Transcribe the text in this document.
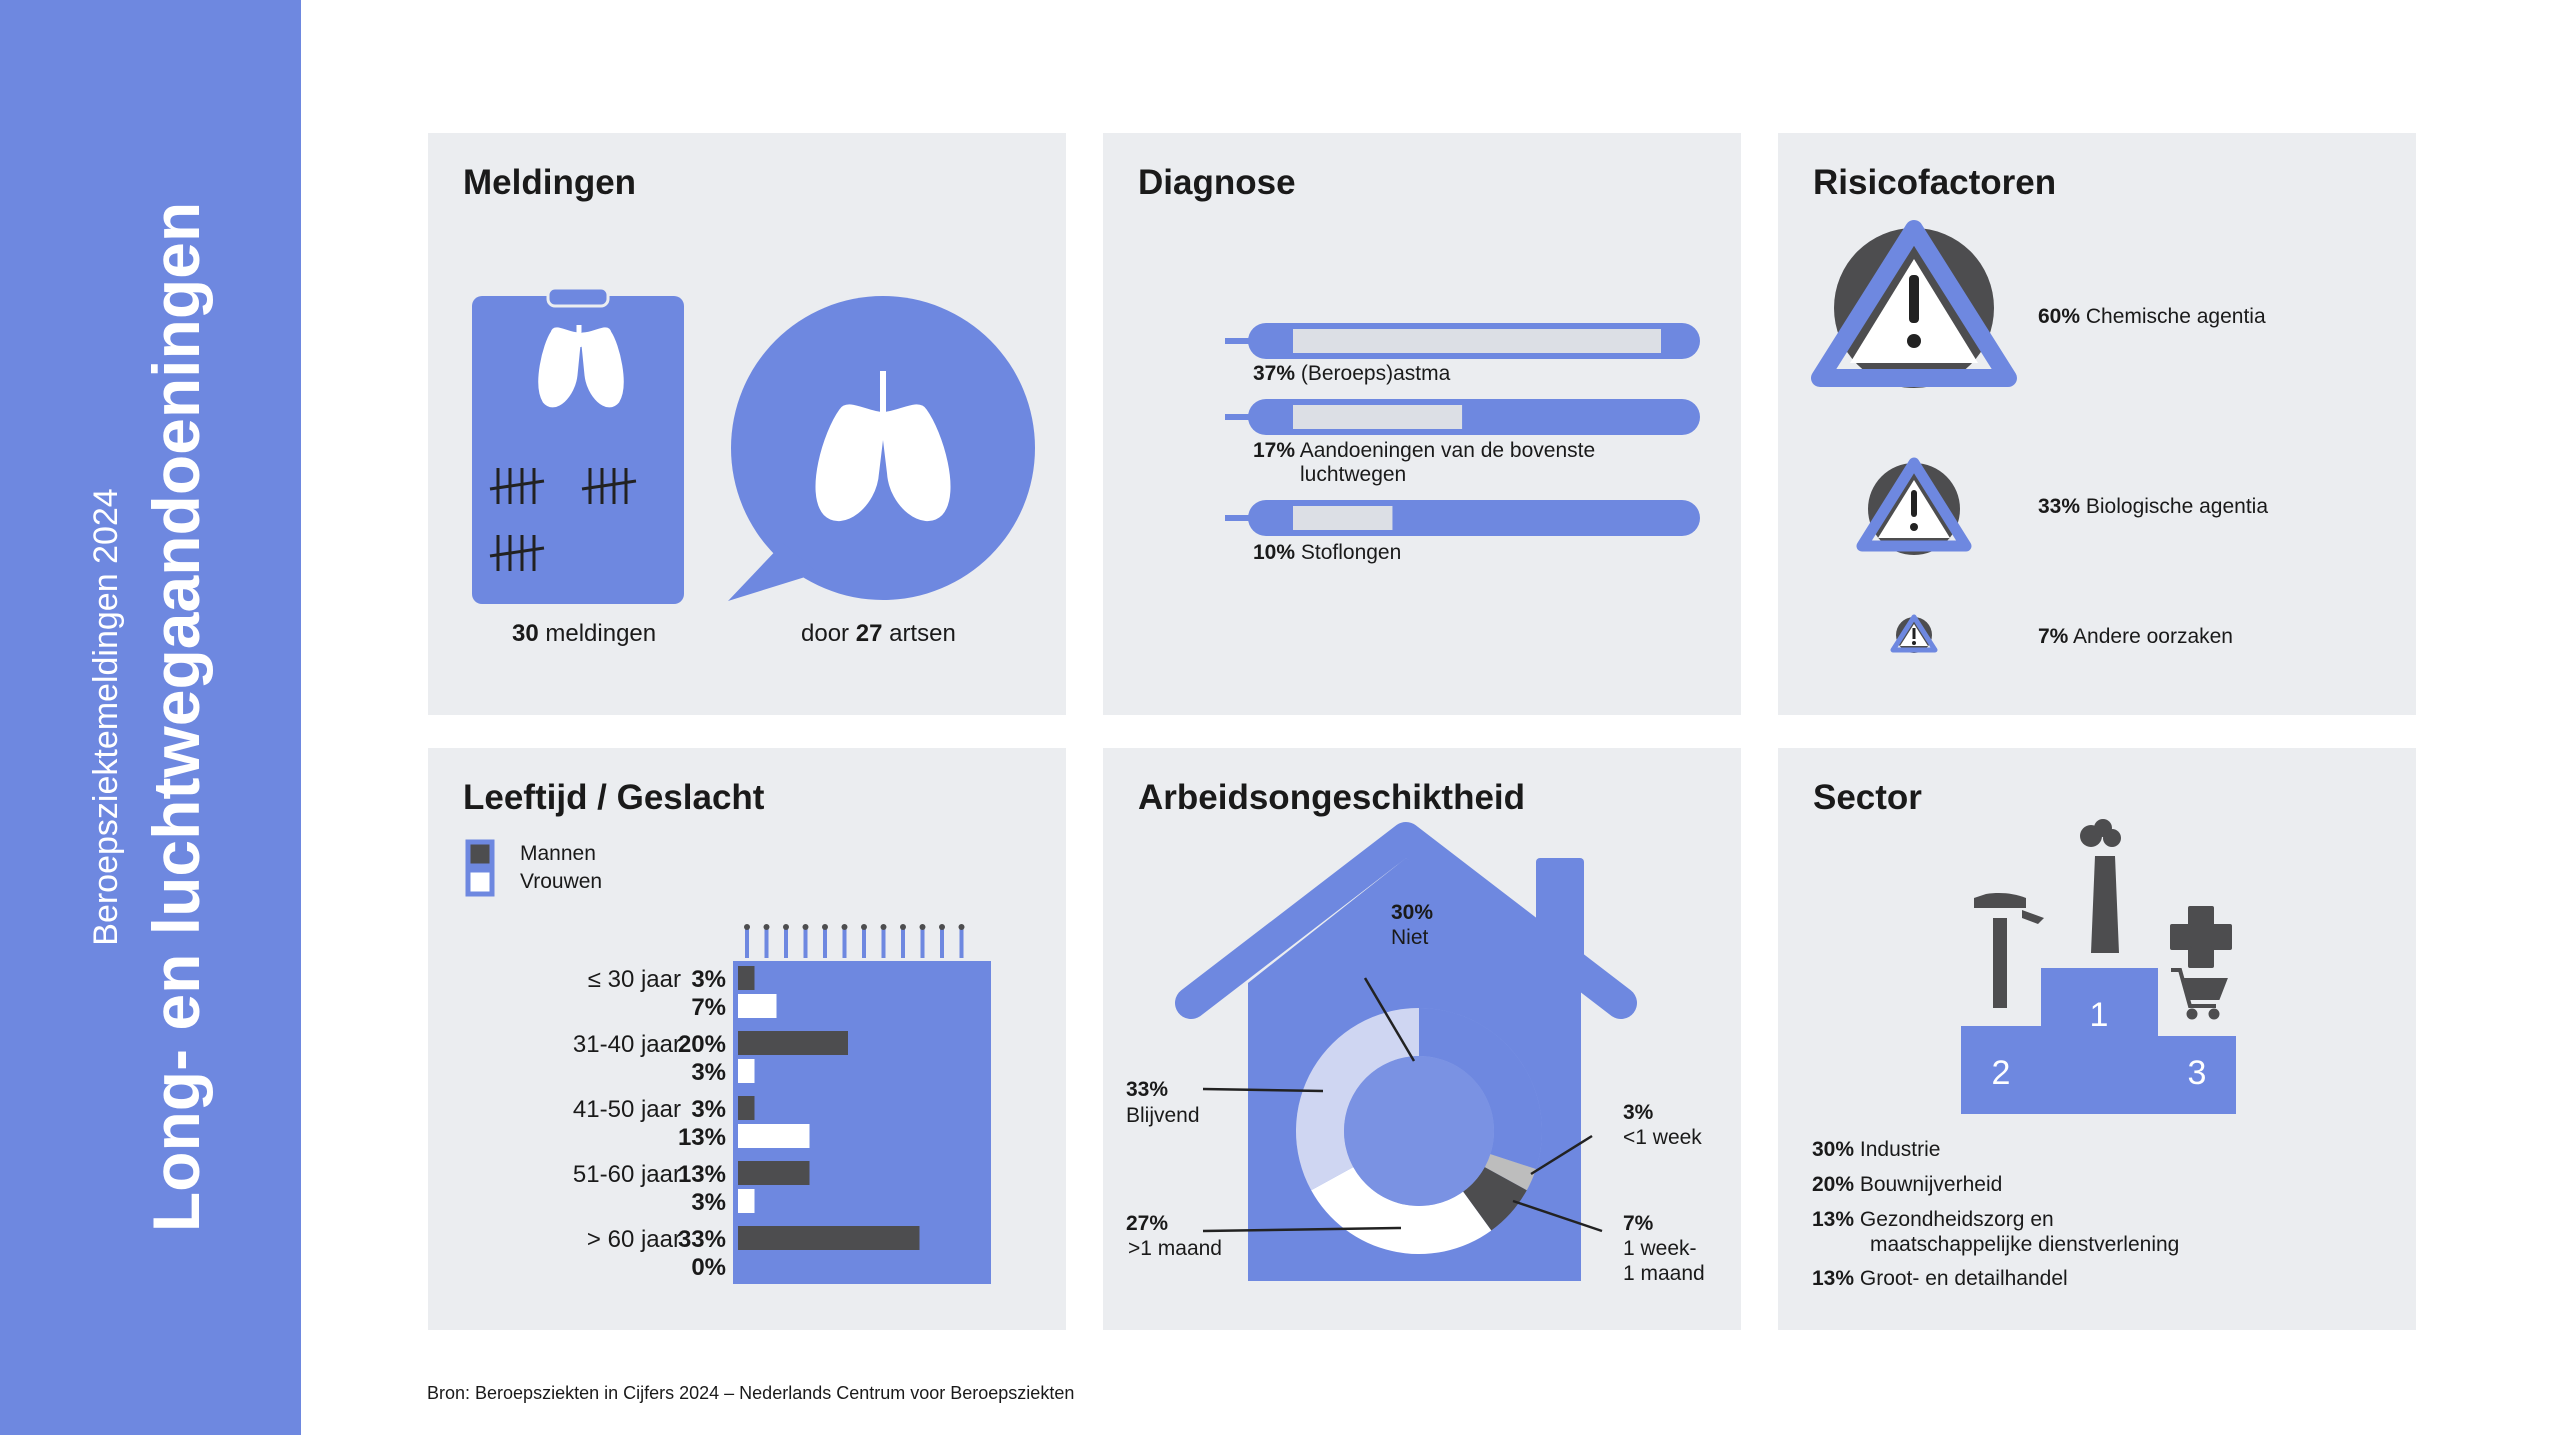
Beroepsziektemeldingen 2024 Long- en luchtwegaandoeningen
Meldingen
30 meldingen	door 27 artsen
Diagnose
37% (Beroeps)astma
17% Aandoeningen van de bovenste
luchtwegen
10% Stoflongen
Risicofactoren
60% Chemische agentia
33% Biologische agentia
7% Andere oorzaken
Leeftijd / Geslacht
Mannen
Vrouwen
≤ 30 jaar 3%
7%
31-40 jaar
20%
3%
41-50 jaar 3%
13%
51-60 jaar
13%
3%
> 60 jaar
33%
0%
Arbeidsongeschiktheid
30%
Niet
3%
<1 week
7%
1 week-
1 maand
27%
>1 maand
33%
Blijvend
Sector
1
2	3
30% Industrie
20% Bouwnijverheid
13% Gezondheidszorg en
maatschappelijke dienstverlening
13% Groot- en detailhandel
Bron: Beroepsziekten in Cijfers 2024 – Nederlands Centrum voor Beroepsziekten
